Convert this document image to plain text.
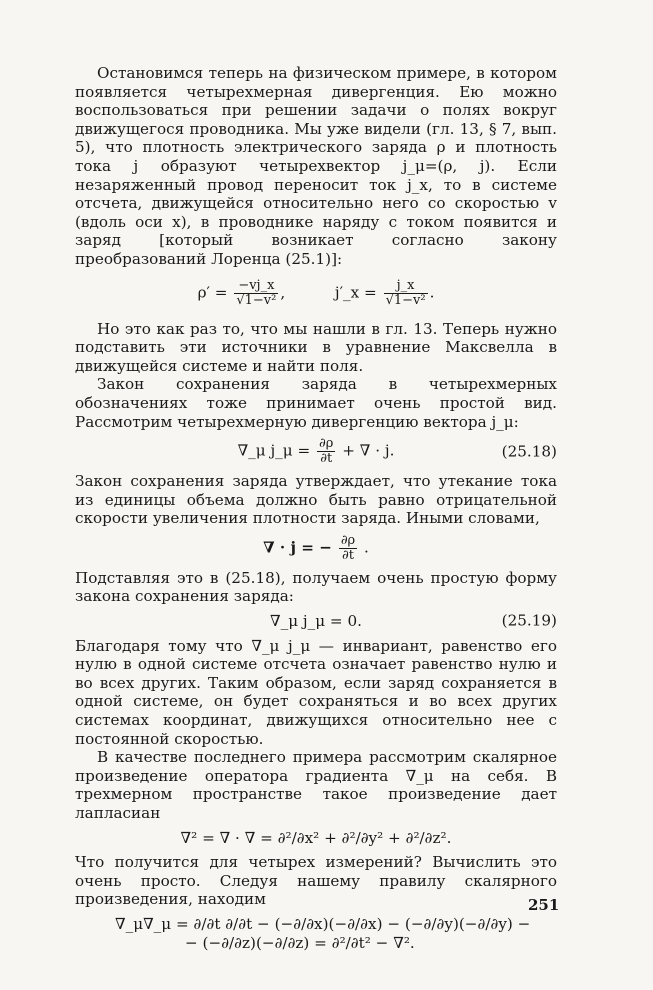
Остановимся теперь на физическом примере, в котором появляется четырехмерная дивергенция. Ею можно воспользоваться при решении задачи о полях вокруг движущегося проводника. Мы уже видели (гл. 13, § 7, вып. 5), что плотность электрического заряда ρ и плотность тока j образуют четырехвектор j_μ=(ρ, j). Если незаряженный провод переносит ток j_x, то в системе отсчета, движущейся относительно него со скоростью v (вдоль оси x), в проводнике наряду с током появится и заряд [который возникает согласно закону преобразований Лоренца (25.1)]:

$\rho' = \frac{-vj\_x}{\text{√1−v²}}$ ,	j′_x = $\frac{j\_x}{\text{√1−v²}}$ .

Но это как раз то, что мы нашли в гл. 13. Теперь нужно подставить эти источники в уравнение Максвелла в движущейся системе и найти поля.

Закон сохранения заряда в четырехмерных обозначениях тоже принимает очень простой вид. Рассмотрим четырехмерную дивергенцию вектора j_μ:

∇_μ j_μ = $\frac{\partial\rho}{\partial t}$ + ∇ · j.	(25.18)

Закон сохранения заряда утверждает, что утекание тока из единицы объема должно быть равно отрицательной скорости увеличения плотности заряда. Иными словами,

∇ · j = − $\frac{\partial\rho}{\partial t}$ .

Подставляя это в (25.18), получаем очень простую форму закона сохранения заряда:

∇_μ j_μ = 0.	(25.19)

Благодаря тому что ∇_μ j_μ — инвариант, равенство его нулю в одной системе отсчета означает равенство нулю и во всех других. Таким образом, если заряд сохраняется в одной системе, он будет сохраняться и во всех других системах координат, движущихся относительно нее с постоянной скоростью.

В качестве последнего примера рассмотрим скалярное произведение оператора градиента ∇_μ на себя. В трехмерном пространстве такое произведение дает лапласиан

∇² = ∇ · ∇ = ∂²/∂x² + ∂²/∂y² + ∂²/∂z².

Что получится для четырех измерений? Вычислить это очень просто. Следуя нашему правилу скалярного произведения, находим

∇_μ∇_μ = ∂/∂t ∂/∂t − (−∂/∂x)(−∂/∂x) − (−∂/∂y)(−∂/∂y) −
− (−∂/∂z)(−∂/∂z) = ∂²/∂t² − ∇².
251
